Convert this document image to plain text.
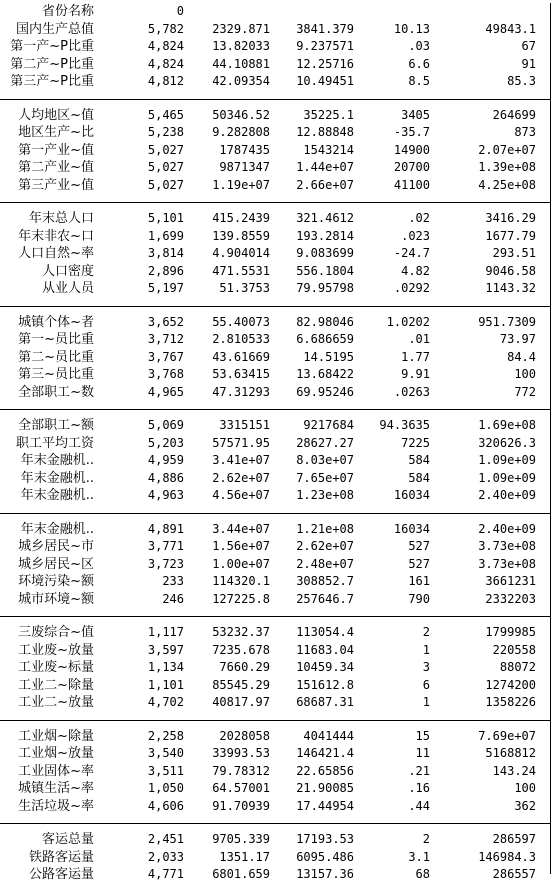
省份名称	0
国内生产总值	5,782 2329.871 3841.379	10.13	49843.1
第一产~P比重	4,824 13.82033 9.237571	.03	67
第二产~P比重	4,824 44.10881 12.25716	6.6	91
第三产~P比重	4,812 42.09354 10.49451	8.5	85.3
人均地区~值	5,465 50346.52	35225.1	3405	264699
地区生产~比	5,238 9.282808 12.88848	-35.7	873
第一产业~值	5,027	1787435	1543214	14900	2.07e+07
第二产业~值	5,027	9871347 1.44e+07	20700	1.39e+08
第三产业~值	5,027 1.19e+07 2.66e+07	41100	4.25e+08
年末总人口	5,101 415.2439 321.4612	.02	3416.29
年末非农~口	1,699 139.8559 193.2814	.023	1677.79
人口自然~率	3,814 4.904014 9.083699	-24.7	293.51
人口密度	2,896 471.5531 556.1804	4.82	9046.58
从业人员	5,197	51.3753 79.95798	.0292	1143.32
城镇个体~者	3,652 55.40073 82.98046	1.0202	951.7309
第一~员比重	3,712 2.810533 6.686659	.01	73.97
第二~员比重	3,767 43.61669	14.5195	1.77	84.4
第三~员比重	3,768 53.63415 13.68422	9.91	100
全部职工~数	4,965 47.31293 69.95246	.0263	772
全部职工~额	5,069	3315151	9217684 94.3635	1.69e+08
职工平均工资	5,203 57571.95 28627.27	7225	320626.3
年末金融机..	4,959 3.41e+07 8.03e+07	584	1.09e+09
年末金融机..	4,886 2.62e+07 7.65e+07	584	1.09e+09
年末金融机..	4,963 4.56e+07 1.23e+08	16034	2.40e+09
年末金融机..	4,891 3.44e+07 1.21e+08	16034	2.40e+09
城乡居民~市	3,771 1.56e+07 2.62e+07	527	3.73e+08
城乡居民~区	3,723 1.00e+07 2.48e+07	527	3.73e+08
环境污染~额	233 114320.1 308852.7	161	3661231
城市环境~额	246 127225.8 257646.7	790	2332203
三废综合~值	1,117 53232.37 113054.4	2	1799985
工业废~放量	3,597 7235.678 11683.04	1	220558
工业废~标量	1,134	7660.29 10459.34	3	88072
工业二~除量	1,101 85545.29 151612.8	6	1274200
工业二~放量	4,702 40817.97 68687.31	1	1358226
工业烟~除量	2,258	2028058	4041444	15	7.69e+07
工业烟~放量	3,540 33993.53 146421.4	11	5168812
工业固体~率	3,511 79.78312 22.65856	.21	143.24
城镇生活~率	1,050 64.57001 21.90085	.16	100
生活垃圾~率	4,606 91.70939 17.44954	.44	362
客运总量	2,451 9705.339 17193.53	2	286597
铁路客运量	2,033	1351.17 6095.486	3.1	146984.3
公路客运量	4,771 6801.659 13157.36	68	286557
